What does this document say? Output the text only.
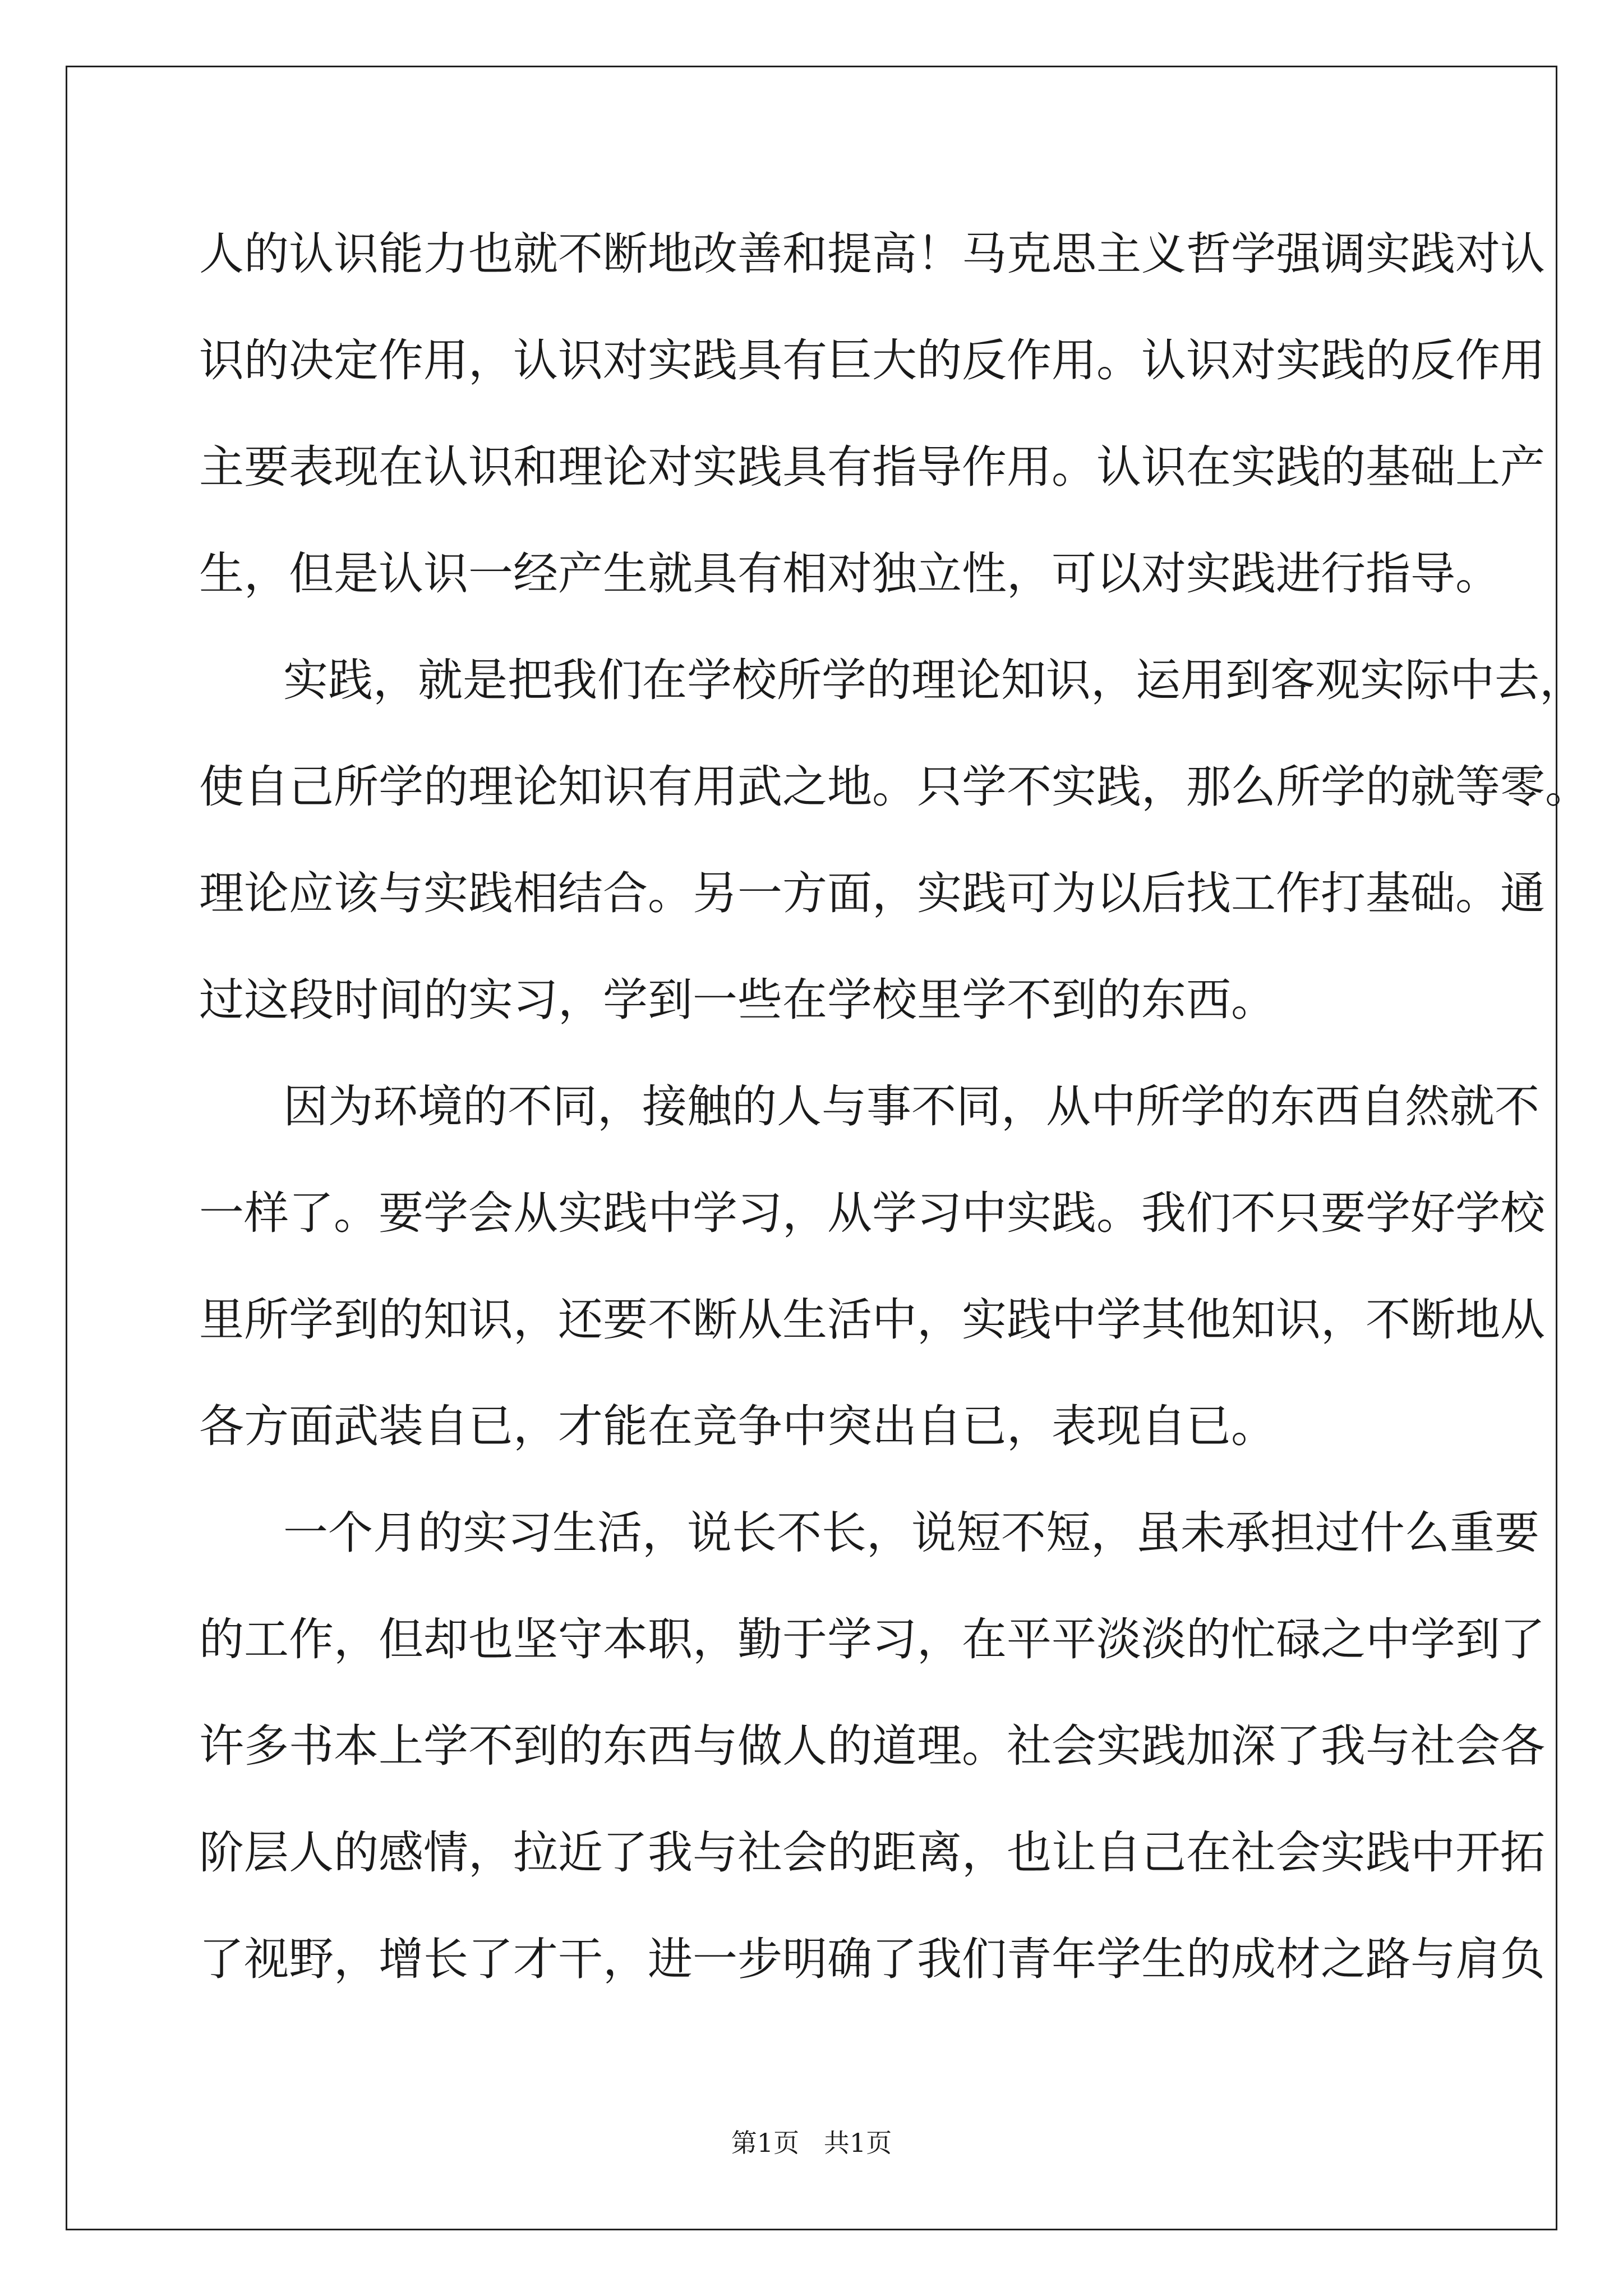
人的认识能力也就不断地改善和提高！马克思主义哲学强调实践对认
识的决定作用，认识对实践具有巨大的反作用。认识对实践的反作用
主要表现在认识和理论对实践具有指导作用。认识在实践的基础上产
生，但是认识一经产生就具有相对独立性，可以对实践进行指导。
实践，就是把我们在学校所学的理论知识，运用到客观实际中去，
使自己所学的理论知识有用武之地。只学不实践，那么所学的就等零。
理论应该与实践相结合。另一方面，实践可为以后找工作打基础。通
过这段时间的实习，学到一些在学校里学不到的东西。
因为环境的不同，接触的人与事不同，从中所学的东西自然就不
一样了。要学会从实践中学习，从学习中实践。我们不只要学好学校
里所学到的知识，还要不断从生活中，实践中学其他知识，不断地从
各方面武装自已，才能在竞争中突出自已，表现自已。
一个月的实习生活，说长不长，说短不短，虽未承担过什么重要
的工作，但却也坚守本职，勤于学习，在平平淡淡的忙碌之中学到了
许多书本上学不到的东西与做人的道理。社会实践加深了我与社会各
阶层人的感情，拉近了我与社会的距离，也让自己在社会实践中开拓
了视野，增长了才干，进一步明确了我们青年学生的成材之路与肩负
第1页   共1页
